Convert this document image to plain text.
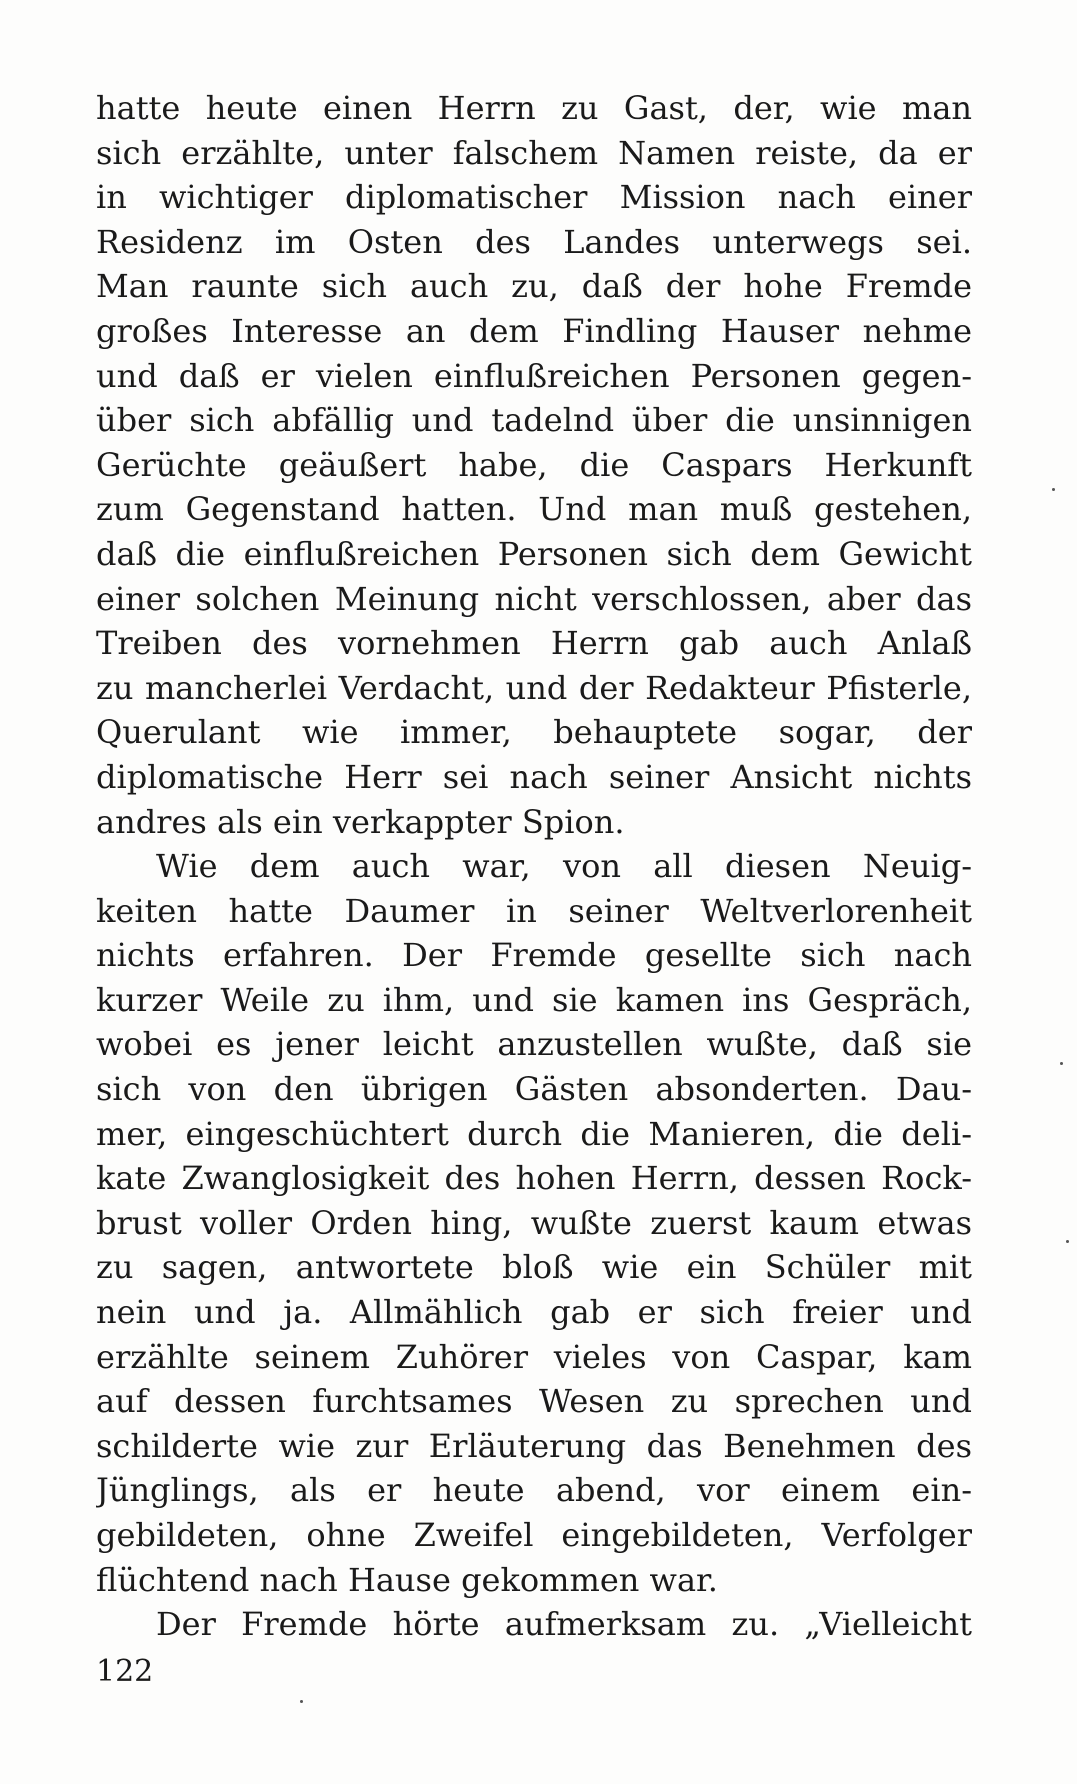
hatte heute einen Herrn zu Gast, der, wie man
sich erzählte, unter falschem Namen reiste, da er
in wichtiger diplomatischer Mission nach einer
Residenz im Osten des Landes unterwegs sei.
Man raunte sich auch zu, daß der hohe Fremde
großes Interesse an dem Findling Hauser nehme
und daß er vielen einflußreichen Personen gegen-
über sich abfällig und tadelnd über die unsinnigen
Gerüchte geäußert habe, die Caspars Herkunft
zum Gegenstand hatten. Und man muß gestehen,
daß die einflußreichen Personen sich dem Gewicht
einer solchen Meinung nicht verschlossen, aber das
Treiben des vornehmen Herrn gab auch Anlaß
zu mancherlei Verdacht, und der Redakteur Pfisterle,
Querulant wie immer, behauptete sogar, der
diplomatische Herr sei nach seiner Ansicht nichts
andres als ein verkappter Spion.
Wie dem auch war, von all diesen Neuig-
keiten hatte Daumer in seiner Weltverlorenheit
nichts erfahren. Der Fremde gesellte sich nach
kurzer Weile zu ihm, und sie kamen ins Gespräch,
wobei es jener leicht anzustellen wußte, daß sie
sich von den übrigen Gästen absonderten. Dau-
mer, eingeschüchtert durch die Manieren, die deli-
kate Zwanglosigkeit des hohen Herrn, dessen Rock-
brust voller Orden hing, wußte zuerst kaum etwas
zu sagen, antwortete bloß wie ein Schüler mit
nein und ja. Allmählich gab er sich freier und
erzählte seinem Zuhörer vieles von Caspar, kam
auf dessen furchtsames Wesen zu sprechen und
schilderte wie zur Erläuterung das Benehmen des
Jünglings, als er heute abend, vor einem ein-
gebildeten, ohne Zweifel eingebildeten, Verfolger
flüchtend nach Hause gekommen war.
Der Fremde hörte aufmerksam zu. „Vielleicht
122
